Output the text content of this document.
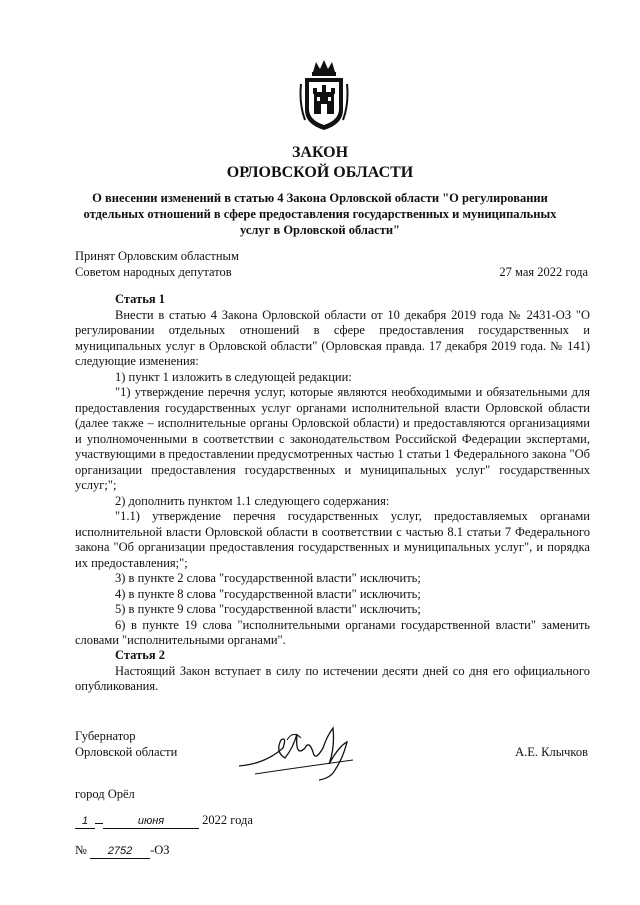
ЗАКОН
ОРЛОВСКОЙ ОБЛАСТИ
О внесении изменений в статью 4 Закона Орловской области "О регулировании отдельных отношений в сфере предоставления государственных и муниципальных услуг в Орловской области"
Принят Орловским областным
Советом народных депутатов	27 мая 2022 года

Статья 1

Внести в статью 4 Закона Орловской области от 10 декабря 2019 года № 2431-ОЗ "О регулировании отдельных отношений в сфере предоставления государственных и муниципальных услуг в Орловской области" (Орловская правда. 17 декабря 2019 года. № 141) следующие изменения:

1) пункт 1 изложить в следующей редакции:

"1) утверждение перечня услуг, которые являются необходимыми и обязательными для предоставления государственных услуг органами исполнительной власти Орловской области (далее также – исполнительные органы Орловской области) и предоставляются организациями и уполномоченными в соответствии с законодательством Российской Федерации экспертами, участвующими в предоставлении предусмотренных частью 1 статьи 1 Федерального закона "Об организации предоставления государственных и муниципальных услуг" государственных услуг;";

2) дополнить пунктом 1.1 следующего содержания:

"1.1) утверждение перечня государственных услуг, предоставляемых органами исполнительной власти Орловской области в соответствии с частью 8.1 статьи 7 Федерального закона "Об организации предоставления государственных и муниципальных услуг", и порядка их предоставления;";

3) в пункте 2 слова "государственной власти" исключить;

4) в пункте 8 слова "государственной власти" исключить;

5) в пункте 9 слова "государственной власти" исключить;

6) в пункте 19 слова "исполнительными органами государственной власти" заменить словами "исполнительными органами".

Статья 2

Настоящий Закон вступает в силу по истечении десяти дней со дня его официального опубликования.

Губернатор
Орловской области	А.Е. Клычков
город Орёл
1	июня	2022 года
№ 2752 -ОЗ
